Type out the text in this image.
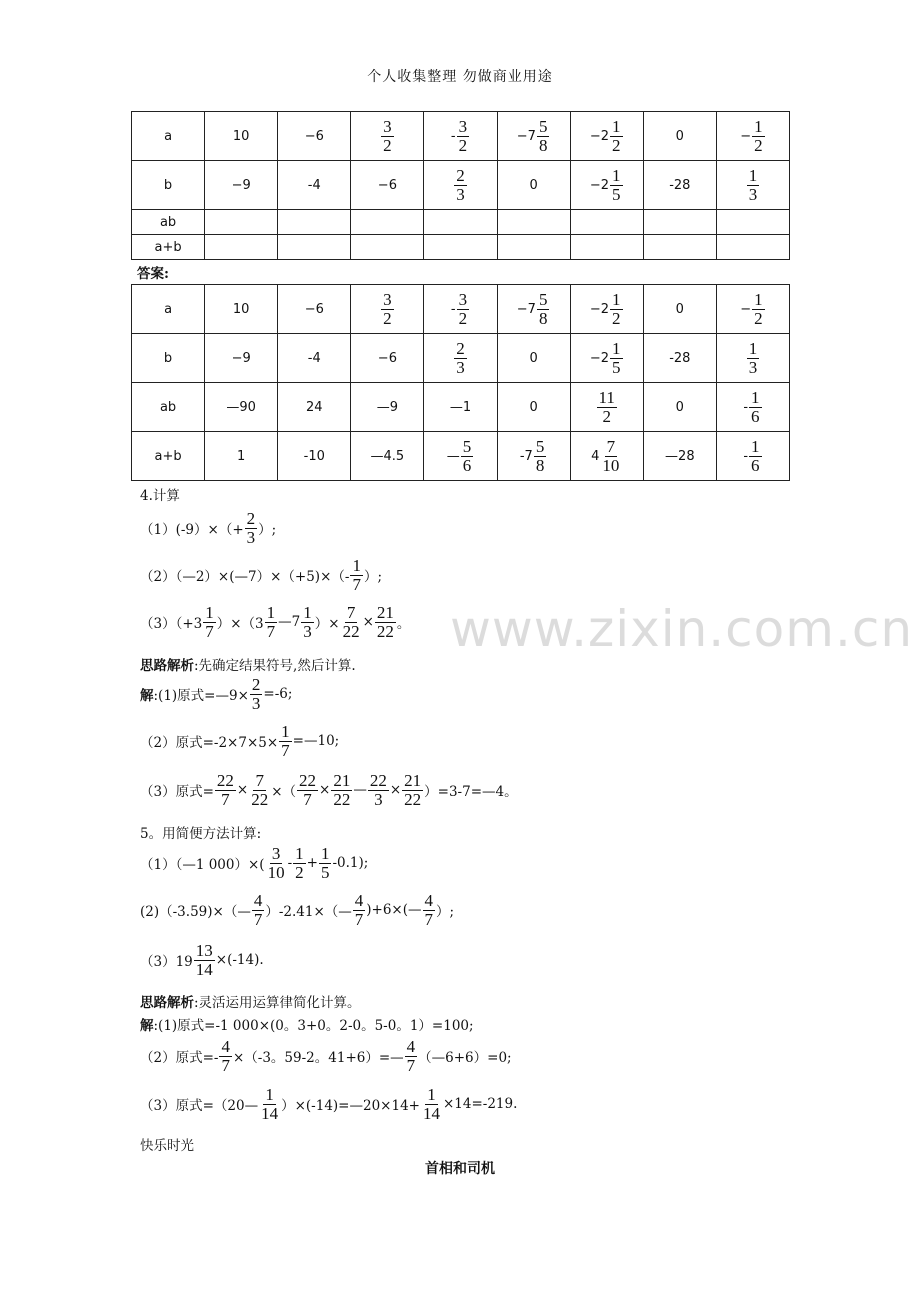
个人收集整理 勿做商业用途
www.zixin.com.cn
a	10	−6	$\frac{3}{2}$	- $\frac{3}{2}$	$-7 \frac{5}{8}$	$-2 \frac{1}{2}$	0	− $\frac{1}{2}$

b	−9	-4	−6	$\frac{2}{3}$	0	$-2 \frac{1}{5}$	-28	$\frac{1}{3}$

ab								
a+b								
答案:
a	10	−6	$\frac{3}{2}$	- $\frac{3}{2}$	$-7 \frac{5}{8}$	$-2 \frac{1}{2}$	0	− $\frac{1}{2}$

b	−9	-4	−6	$\frac{2}{3}$	0	$-2 \frac{1}{5}$	-28	$\frac{1}{3}$

ab	—90	24	—9	—1	0	$\frac{11}{2}$	0	- $\frac{1}{6}$

a+b	1	-10	—4.5	— $\frac{5}{6}$	$-7 \frac{5}{8}$	$4 \frac{7}{10}$	—28	- $\frac{1}{6}$
4.计算
$(1)(-9)\times(+ \frac{2}{3}$ ）;
（2）（—2）×(—7）×（+5)×（- $\frac{1}{7}$ ）;
$(3)(+3 \frac{1}{7} )\times(3 \frac{1}{7}$ —7 $\frac{1}{3}$ ）× $\frac{7}{22} \times \frac{21}{22}$ 。
思路解析 :先确定结果符号,然后计算.
解 :(1)原式=—9× $\frac{2}{3} =-6$;
（2）原式$=-2\times 7\times 5\times \frac{1}{7}$ =—10;
（3）原式= $\frac{22}{7} \times \frac{7}{22}$ ×（ $\frac{22}{7} \times \frac{21}{22}$ — $\frac{22}{3} \times \frac{21}{22}$ ）=3-7=—4。
5。用简便方法计算:
（1）（—1 $000)\times( \frac{3}{10} - \frac{1}{2} + \frac{1}{5} -0.1)$;
(2)（-3.59)×（— $\frac{4}{7}$ ）-2.41×（— $\frac{4}{7}$ )+6×(— $\frac{4}{7}$ ）;
$(3)19 \frac{13}{14} \times(-14)$.
思路解析 :灵活运用运算律简化计算。
解 :(1)原式=-1 000×(0。3+0。2-0。5-0。1）=100;
（2）原式=- $\frac{4}{7} \times(-3$。59-2。41+6）=— $\frac{4}{7}$ （—6+6）=0;
（3）原式=（20— $\frac{1}{14}$ ）×(-14)=—20×14+ $\frac{1}{14} \times 14=-219$.
快乐时光
首相和司机
